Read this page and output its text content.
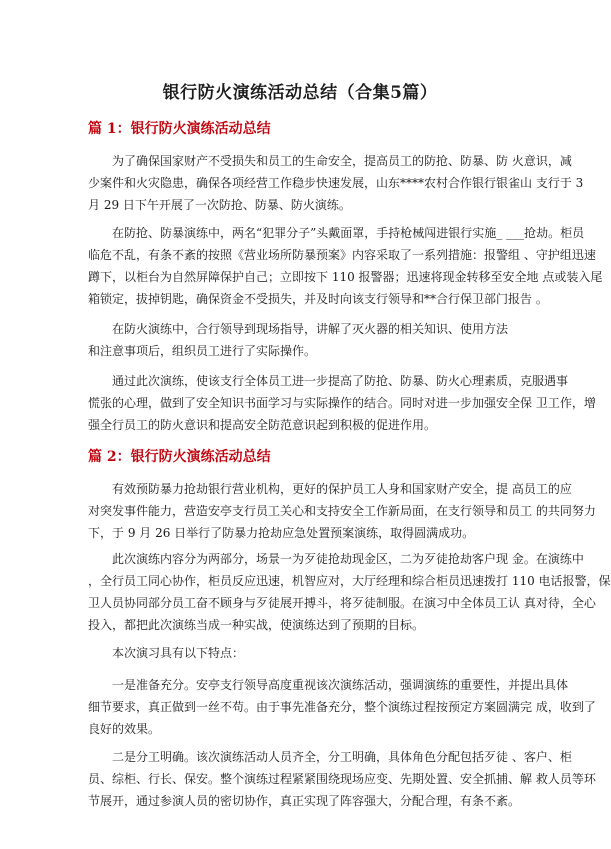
银行防火演练活动总结（合集5篇）
篇 1：银行防火演练活动总结
为了确保国家财产不受损失和员工的生命安全，提高员工的防抢、防暴、防 火意识，减
少案件和火灾隐患，确保各项经营工作稳步快速发展，山东****农村合作银行银雀山 支行于 3
月 29 日下午开展了一次防抢、防暴、防火演练。
在防抢、防暴演练中，两名“犯罪分子”头戴面罩，手持枪械闯进银行实施_ ___抢劫。柜员
临危不乱，有条不紊的按照《营业场所防暴预案》内容采取了一系列措施：报警组 、守护组迅速
蹲下，以柜台为自然屏障保护自己；立即按下 110 报警器；迅速将现金转移至安全地 点或装入尾
箱锁定，拔掉钥匙，确保资金不受损失，并及时向该支行领导和**合行保卫部门报告 。
在防火演练中，合行领导到现场指导，讲解了灭火器的相关知识、使用方法
和注意事项后，组织员工进行了实际操作。
通过此次演练，使该支行全体员工进一步提高了防抢、防暴、防火心理素质，克服遇事
慌张的心理，做到了安全知识书面学习与实际操作的结合。同时对进一步加强安全保 卫工作，增
强全行员工的防火意识和提高安全防范意识起到积极的促进作用。
篇 2：银行防火演练活动总结
有效预防暴力抢劫银行营业机构，更好的保护员工人身和国家财产安全，提 高员工的应
对突发事件能力，营造安亭支行员工关心和支持安全工作新局面，在支行领导和员工 的共同努力
下，于 9 月 26 日举行了防暴力抢劫应急处置预案演练，取得圆满成功。
此次演练内容分为两部分，场景一为歹徒抢劫现金区，二为歹徒抢劫客户现 金。在演练中
，全行员工同心协作，柜员反应迅速，机智应对，大厅经理和综合柜员迅速拨打 110 电话报警，保
卫人员协同部分员工奋不顾身与歹徒展开搏斗，将歹徒制服。在演习中全体员工认 真对待，全心
投入，都把此次演练当成一种实战，使演练达到了预期的目标。
本次演习具有以下特点：
一是准备充分。安亭支行领导高度重视该次演练活动，强调演练的重要性，并提出具体
细节要求，真正做到一丝不苟。由于事先准备充分，整个演练过程按预定方案圆满完 成，收到了
良好的效果。
二是分工明确。该次演练活动人员齐全，分工明确，具体角色分配包括歹徒 、客户、柜
员、综柜、行长、保安。整个演练过程紧紧围绕现场应变、先期处置、安全抓捕、解 救人员等环
节展开，通过参演人员的密切协作，真正实现了阵容强大，分配合理，有条不紊。
